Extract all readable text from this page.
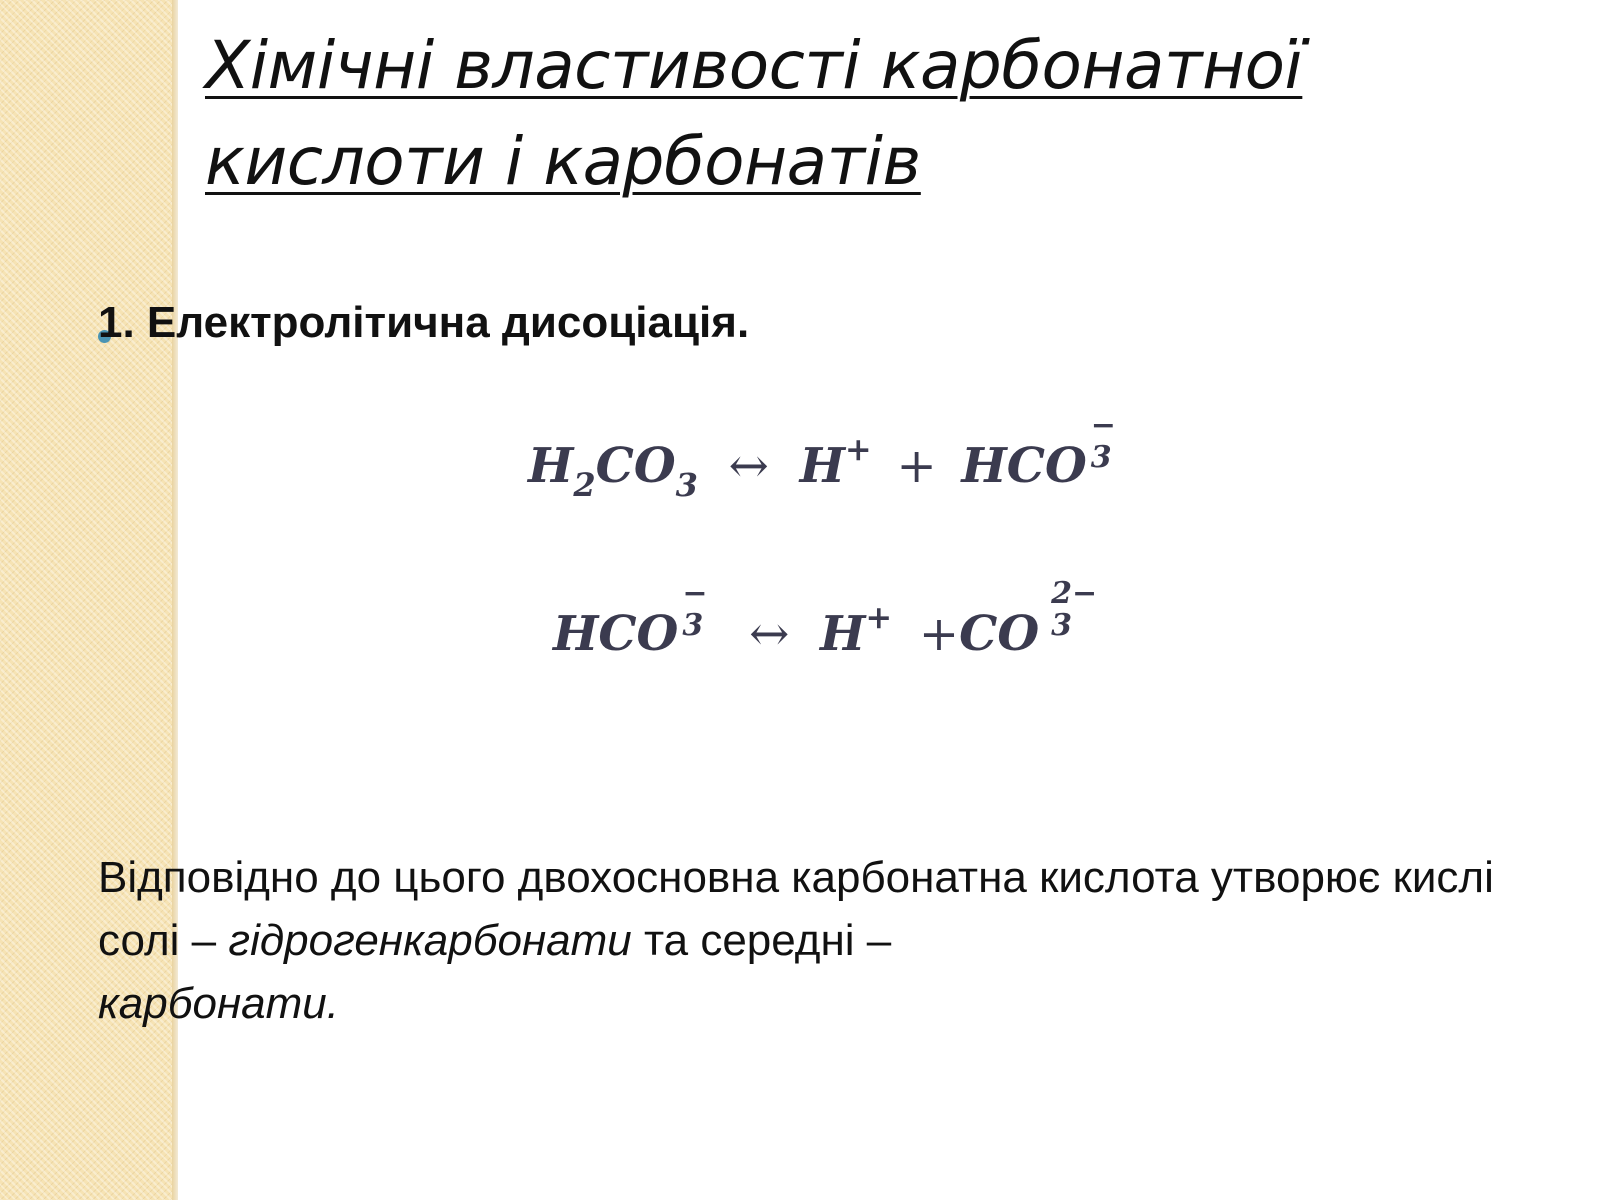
Хімічні властивості карбонатної
кислоти і карбонатів
1. Електролітична дисоціація.
$H_2CO_3$ ↔ H+ + HCO
−
3
HCO
−
3 ↔ H+ +CO
2−
3

Відповідно до цього двохосновна карбонатна кислота утворює кислі солі – гідрогенкарбонати та середні –
карбонати.
